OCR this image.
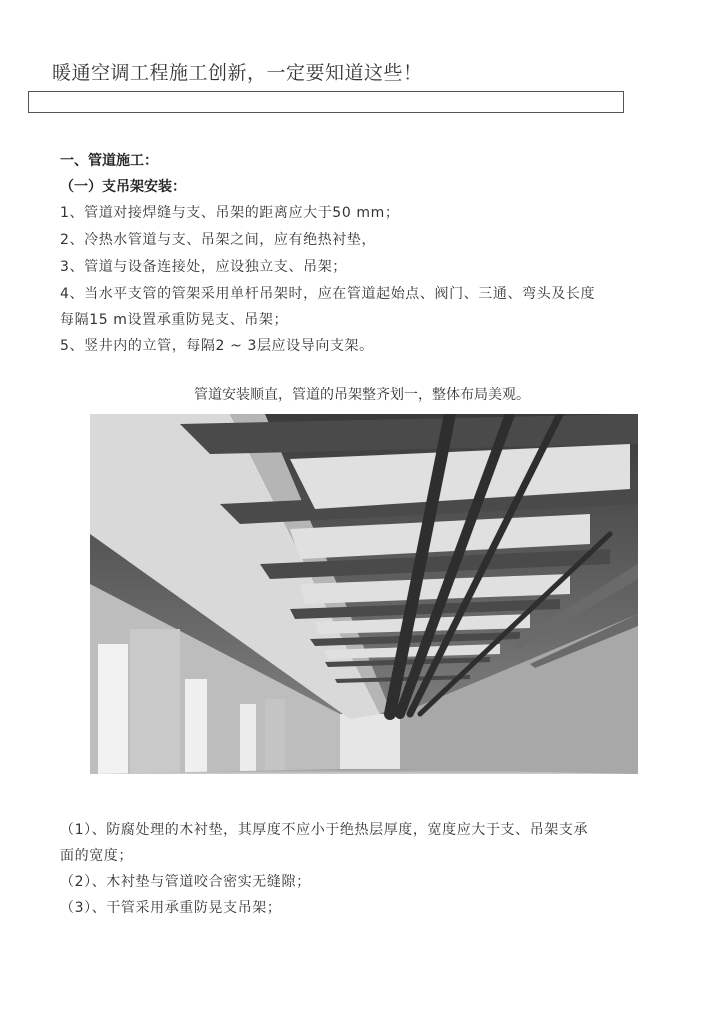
暖通空调工程施工创新，一定要知道这些！
一、管道施工：
（一）支吊架安装：
1、管道对接焊缝与支、吊架的距离应大于50 mm；
2、冷热水管道与支、吊架之间，应有绝热衬垫，
3、管道与设备连接处，应设独立支、吊架；
4、当水平支管的管架采用单杆吊架时，应在管道起始点、阀门、三通、弯头及长度
每隔15 m设置承重防晃支、吊架；
5、竖井内的立管，每隔2 ~ 3层应设导向支架。
管道安装顺直，管道的吊架整齐划一，整体布局美观。
（1）、防腐处理的木衬垫，其厚度不应小于绝热层厚度，宽度应大于支、吊架支承
面的宽度；
（2）、木衬垫与管道咬合密实无缝隙；
（3）、干管采用承重防晃支吊架；
